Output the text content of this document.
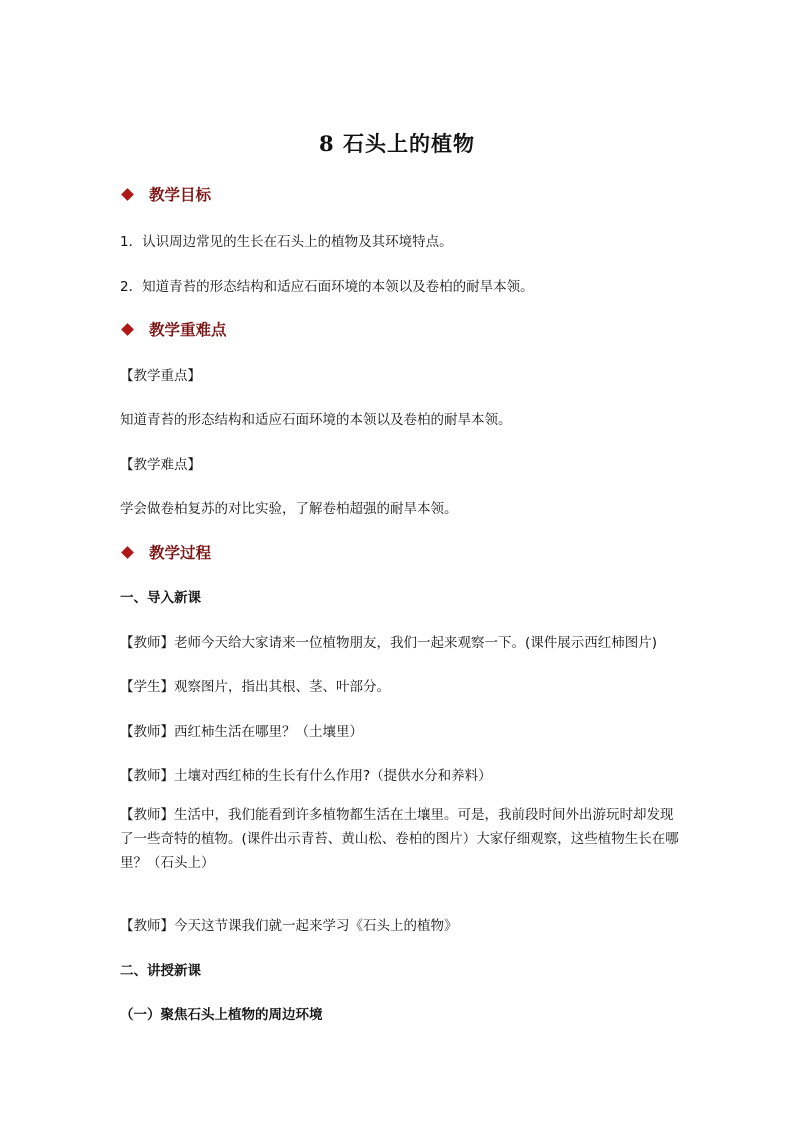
8 石头上的植物
教学目标
1．认识周边常见的生长在石头上的植物及其环境特点。
2．知道青苔的形态结构和适应石面环境的本领以及卷柏的耐旱本领。
教学重难点
【教学重点】
知道青苔的形态结构和适应石面环境的本领以及卷柏的耐旱本领。
【教学难点】
学会做卷柏复苏的对比实验，了解卷柏超强的耐旱本领。
教学过程
一、导入新课
【教师】老师今天给大家请来一位植物朋友，我们一起来观察一下。(课件展示西红柿图片)
【学生】观察图片，指出其根、茎、叶部分。
【教师】西红柿生活在哪里？（土壤里）
【教师】土壤对西红柿的生长有什么作用?（提供水分和养料）
【教师】生活中，我们能看到许多植物都生活在土壤里。可是，我前段时间外出游玩时却发现了一些奇特的植物。(课件出示青苔、黄山松、卷柏的图片）大家仔细观察，这些植物生长在哪里？（石头上）
【教师】今天这节课我们就一起来学习《石头上的植物》
二、讲授新课
（一）聚焦石头上植物的周边环境
